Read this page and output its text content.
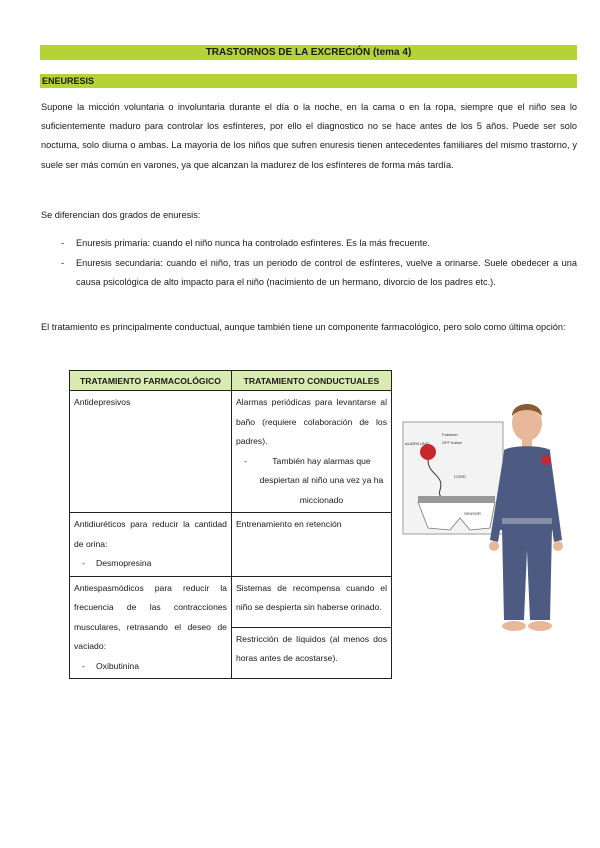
TRASTORNOS DE LA EXCRECIÓN (tema 4)
ENEURESIS

Supone la micción voluntaria o involuntaria durante el día o la noche, en la cama o en la ropa, siempre que el niño sea lo suficientemente maduro para controlar los esfínteres, por ello el diagnostico no se hace antes de los 5 años. Puede ser solo nocturna, solo diurna o ambas. La mayoría de los niños que sufren enuresis tienen antecedentes familiares del mismo trastorno, y suele ser más común en varones, ya que alcanzan la madurez de los esfínteres de forma más tardía.

Se diferencian dos grados de enuresis:

- Enuresis primaria: cuando el niño nunca ha controlado esfínteres. Es la más frecuente.
- Enuresis secundaria: cuando el niño, tras un periodo de control de esfínteres, vuelve a orinarse. Suele obedecer a una causa psicológica de alto impacto para el niño (nacimiento de un hermano, divorcio de los padres etc.).

El tratamiento es principalmente conductual, aunque también tiene un componente farmacológico, pero solo como última opción:

TRATAMIENTO FARMACOLÓGICO	TRATAMIENTO CONDUCTUALES
Antidepresivos	Alarmas periódicas para levantarse al baño (requiere colaboración de los padres).
- También hay alarmas que despiertan al niño una vez ya ha miccionado

Antidiuréticos para reducir la cantidad de orina:
- Desmopresina	Entrenamiento en retención

Antiespasmódicos para reducir la frecuencia de las contracciones musculares, retrasando el deseo de vaciado:
- Oxibutinina	Sistemas de recompensa cuando el niño se despierta sin haberse orinado.
	Restricción de líquidos (al menos dos horas antes de acostarse).
ALARM UNIT
Fastener
OFF button
CORD
SENSOR
